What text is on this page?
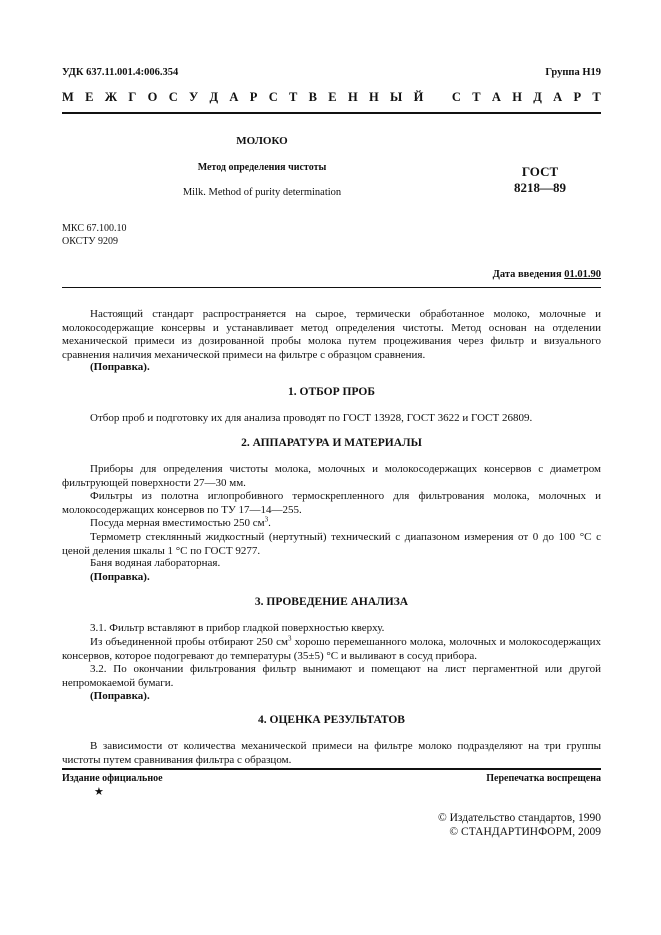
УДК 637.11.001.4:006.354	Группа Н19
М Е Ж Г О С У Д А Р С Т В Е Н Н Ы Й С Т А Н Д А Р Т
МОЛОКО
Метод определения чистоты
Milk. Method of purity determination
ГОСТ
8218—89
МКС 67.100.10
ОКСТУ 9209
Дата введения 01.01.90
Настоящий стандарт распространяется на сырое, термически обработанное молоко, молочные и молокосодержащие консервы и устанавливает метод определения чистоты. Метод основан на отделении механической примеси из дозированной пробы молока путем процеживания через фильтр и визуального сравнения наличия механической примеси на фильтре с образцом сравнения.
(Поправка).
1. ОТБОР ПРОБ
Отбор проб и подготовку их для анализа проводят по ГОСТ 13928, ГОСТ 3622 и ГОСТ 26809.
2. АППАРАТУРА И МАТЕРИАЛЫ
Приборы для определения чистоты молока, молочных и молокосодержащих консервов с диаметром фильтрующей поверхности 27—30 мм.
Фильтры из полотна иглопробивного термоскрепленного для фильтрования молока, молочных и молокосодержащих консервов по ТУ 17—14—255.
Посуда мерная вместимостью 250 $см^3$.
Термометр стеклянный жидкостный (нертутный) технический с диапазоном измерения от 0 до 100 °С с ценой деления шкалы 1 °С по ГОСТ 9277.
Баня водяная лабораторная.
(Поправка).
3. ПРОВЕДЕНИЕ АНАЛИЗА
3.1. Фильтр вставляют в прибор гладкой поверхностью кверху.
Из объединенной пробы отбирают 250 $см^3$ хорошо перемешанного молока, молочных и молокосодержащих консервов, которое подогревают до температуры (35±5) °С и выливают в сосуд прибора.
3.2. По окончании фильтрования фильтр вынимают и помещают на лист пергаментной или другой непромокаемой бумаги.
(Поправка).
4. ОЦЕНКА РЕЗУЛЬТАТОВ
В зависимости от количества механической примеси на фильтре молоко подразделяют на три группы чистоты путем сравнивания фильтра с образцом.
Издание официальное	Перепечатка воспрещена
★
© Издательство стандартов, 1990
© СТАНДАРТИНФОРМ, 2009
